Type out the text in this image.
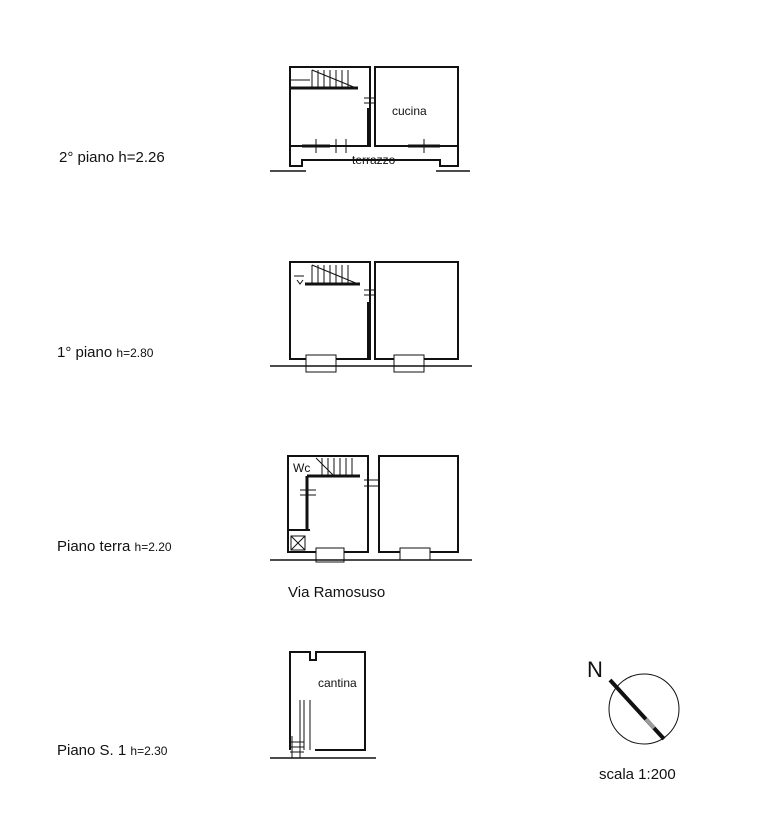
2° piano h=2.26
1° piano h=2.80
Piano terra h=2.20
Piano S. 1 h=2.30
cucina
terrazzo
Wc
cantina
Via Ramosuso
N
scala 1:200
